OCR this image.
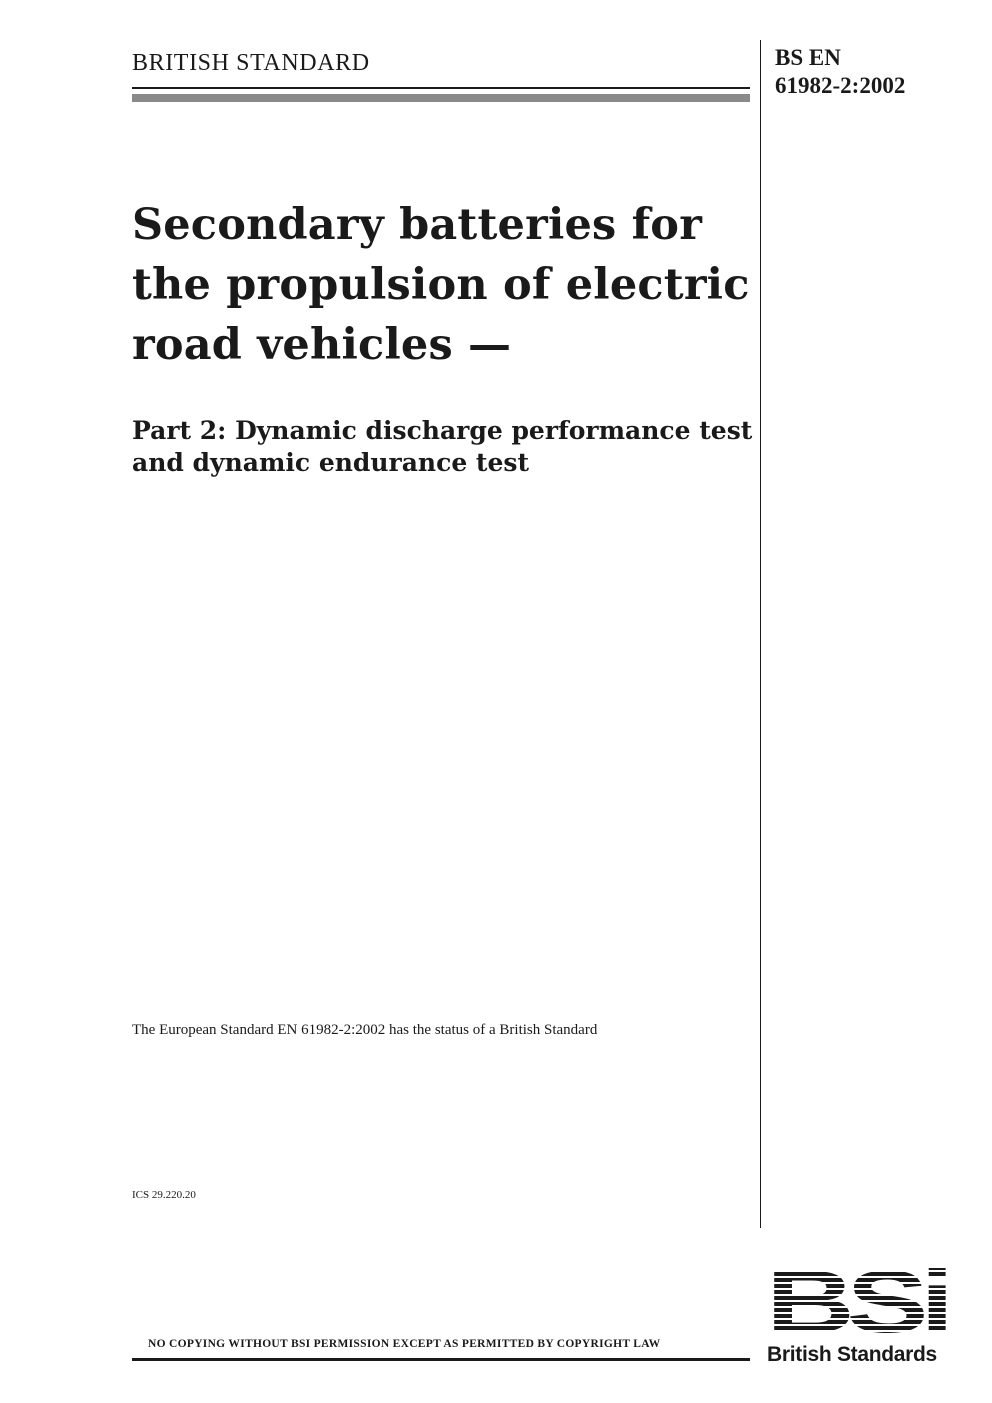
BRITISH STANDARD	BS EN
61982-2:2002
Secondary batteries for the propulsion of electric road vehicles —
Part 2: Dynamic discharge performance test and dynamic endurance test
The European Standard EN 61982-2:2002 has the status of a British Standard
ICS 29.220.20
NO COPYING WITHOUT BSI PERMISSION EXCEPT AS PERMITTED BY COPYRIGHT LAW BSi
British Standards
